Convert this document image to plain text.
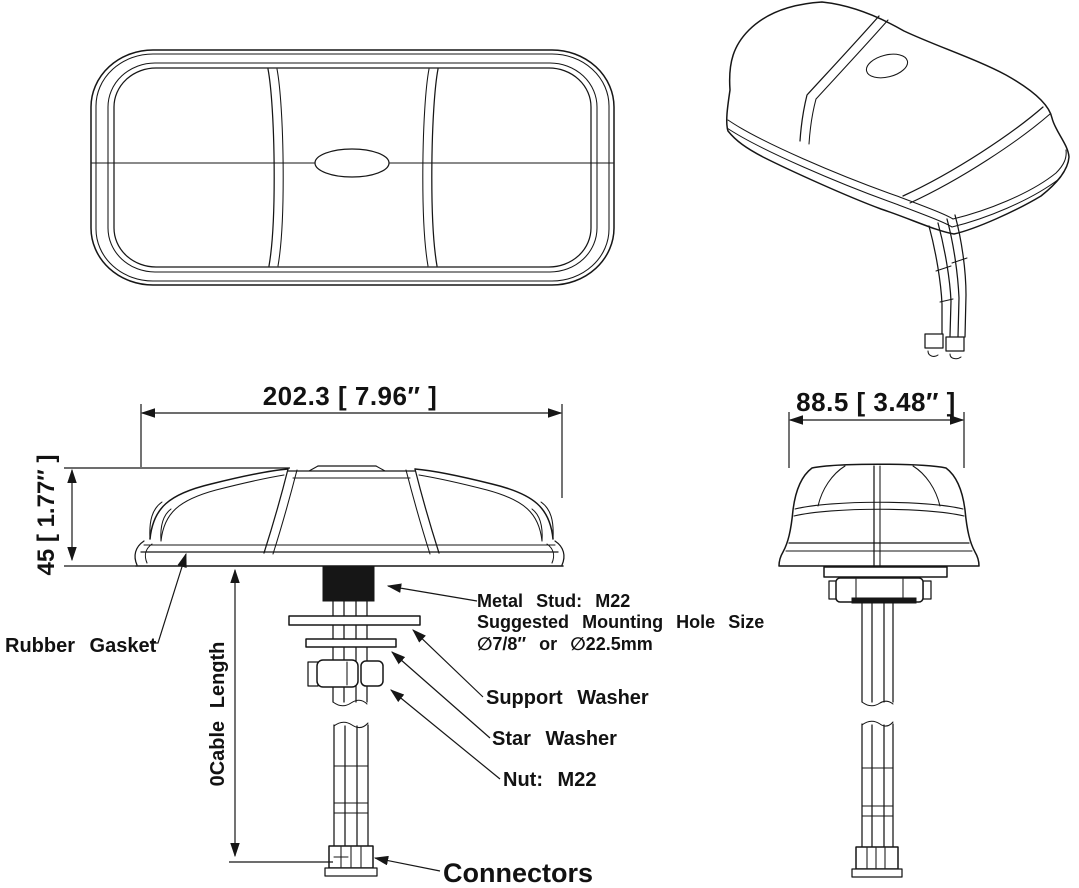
202.3 [ 7.96″ ]
45 [ 1.77″ ]
88.5 [ 3.48″ ]
0Cable Length
Rubber Gasket
Metal Stud: M22
Suggested Mounting Hole Size
∅7/8″ or ∅22.5mm
Support Washer
Star Washer
Nut: M22
Connectors
